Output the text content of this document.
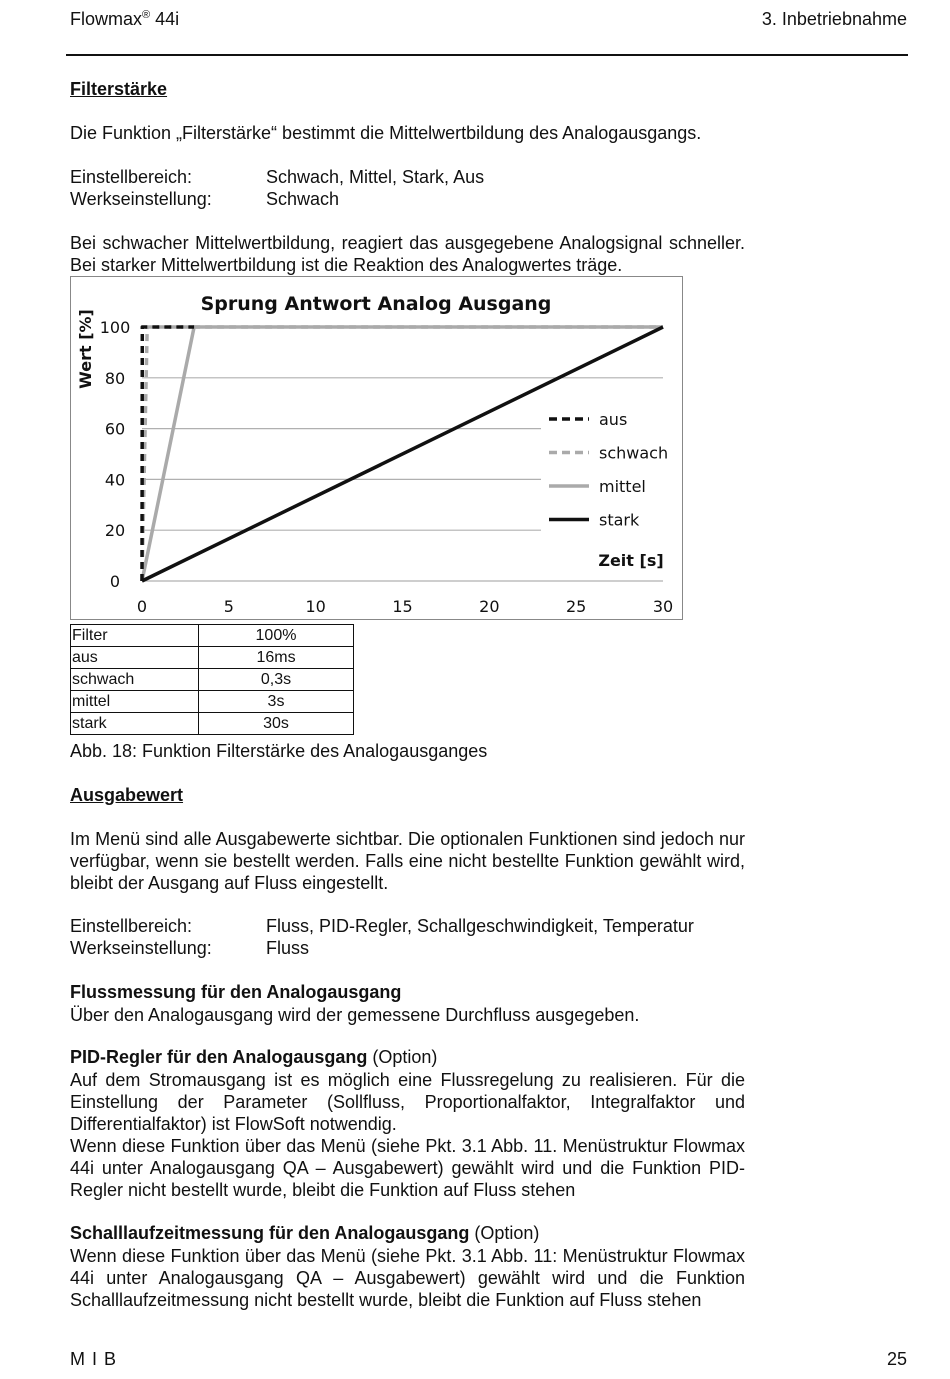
Flowmax® 44i	3. Inbetriebnahme
Filterstärke
Die Funktion „Filterstärke“ bestimmt die Mittelwertbildung des Analogausgangs.
Einstellbereich:	Schwach, Mittel, Stark, Aus
Werkseinstellung:	Schwach
Bei schwacher Mittelwertbildung, reagiert das ausgegebene Analogsignal schneller. Bei starker Mittelwertbildung ist die Reaktion des Analogwertes träge.
Sprung Antwort Analog Ausgang
Wert [%]
Zeit [s]
0
20
40
60
80
100
0	5	10	15	20	25	30
aus
schwach
mittel
stark
Filter	100%
aus	16ms
schwach	0,3s
mittel	3s
stark	30s
Abb. 18: Funktion Filterstärke des Analogausganges
Ausgabewert
Im Menü sind alle Ausgabewerte sichtbar. Die optionalen Funktionen sind jedoch nur verfügbar, wenn sie bestellt werden. Falls eine nicht bestellte Funktion gewählt wird, bleibt der Ausgang auf Fluss eingestellt.
Einstellbereich:	Fluss, PID-Regler, Schallgeschwindigkeit, Temperatur
Werkseinstellung:	Fluss
Flussmessung für den Analogausgang
Über den Analogausgang wird der gemessene Durchfluss ausgegeben.
PID-Regler für den Analogausgang (Option)
Auf dem Stromausgang ist es möglich eine Flussregelung zu realisieren. Für die Einstellung der Parameter (Sollfluss, Proportionalfaktor, Integralfaktor und Differentialfaktor) ist FlowSoft notwendig.
Wenn diese Funktion über das Menü (siehe Pkt. 3.1 Abb. 11. Menüstruktur Flowmax 44i unter Analogausgang QA – Ausgabewert) gewählt wird und die Funktion PID-Regler nicht bestellt wurde, bleibt die Funktion auf Fluss stehen
Schalllaufzeitmessung für den Analogausgang (Option)
Wenn diese Funktion über das Menü (siehe Pkt. 3.1 Abb. 11: Menüstruktur Flowmax 44i unter Analogausgang QA – Ausgabewert) gewählt wird und die Funktion Schalllaufzeitmessung nicht bestellt wurde, bleibt die Funktion auf Fluss stehen
M I B	25
